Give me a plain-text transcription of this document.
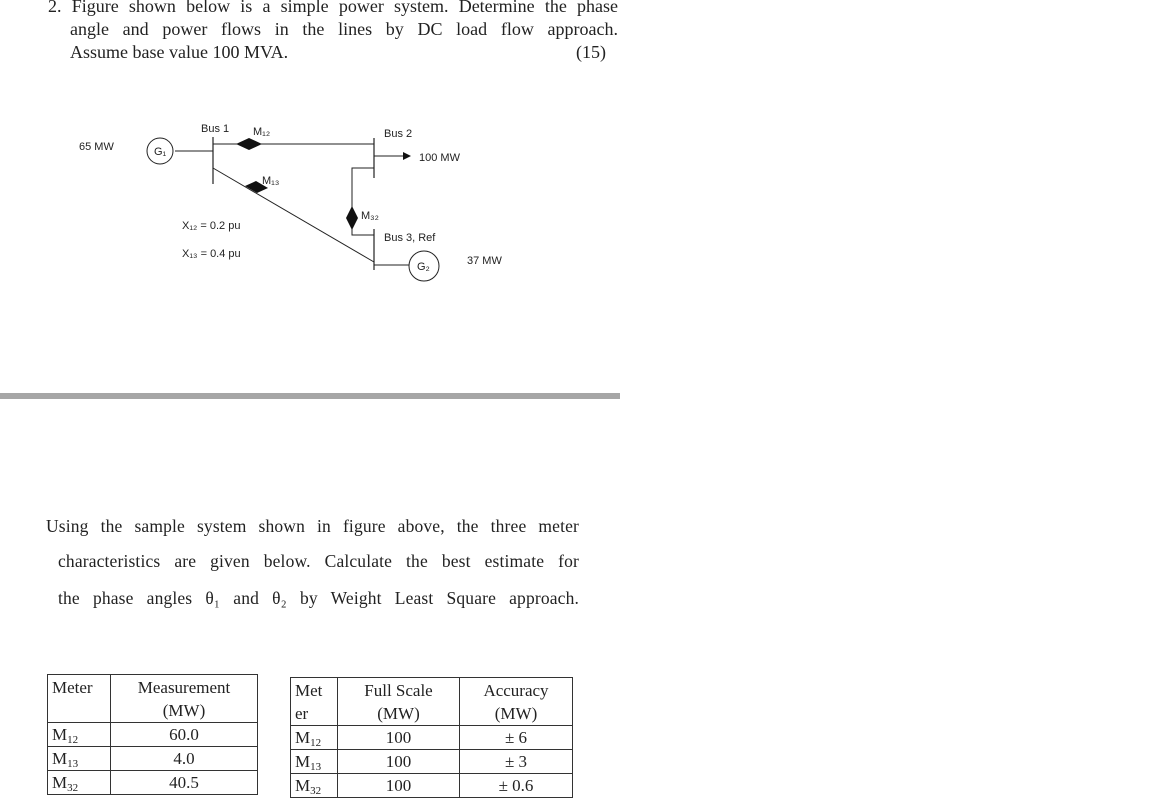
2. Figure shown below is a simple power system. Determine the phase
angle and power flows in the lines by DC load flow approach.
Assume base value 100 MVA.	(15)
G₁
65 MW
Bus 1 M₁₂	Bus 2
100 MW
M₁₃
M₃₂
Bus 3, Ref
G₂	37 MW
X₁₂ = 0.2 pu
X₁₃ = 0.4 pu
Using the sample system shown in figure above, the three meter
characteristics are given below. Calculate the best estimate for
the phase angles θ₁ and θ₂ by Weight Least Square approach.
Meter	Measurement (MW)
$M_{12}$	60.0
$M_{13}$	4.0
$M_{32}$	40.5
Met er	Full Scale (MW)	Accuracy (MW)
$M_{12}$	100	± 6
$M_{13}$	100	± 3
$M_{32}$	100	± 0.6
